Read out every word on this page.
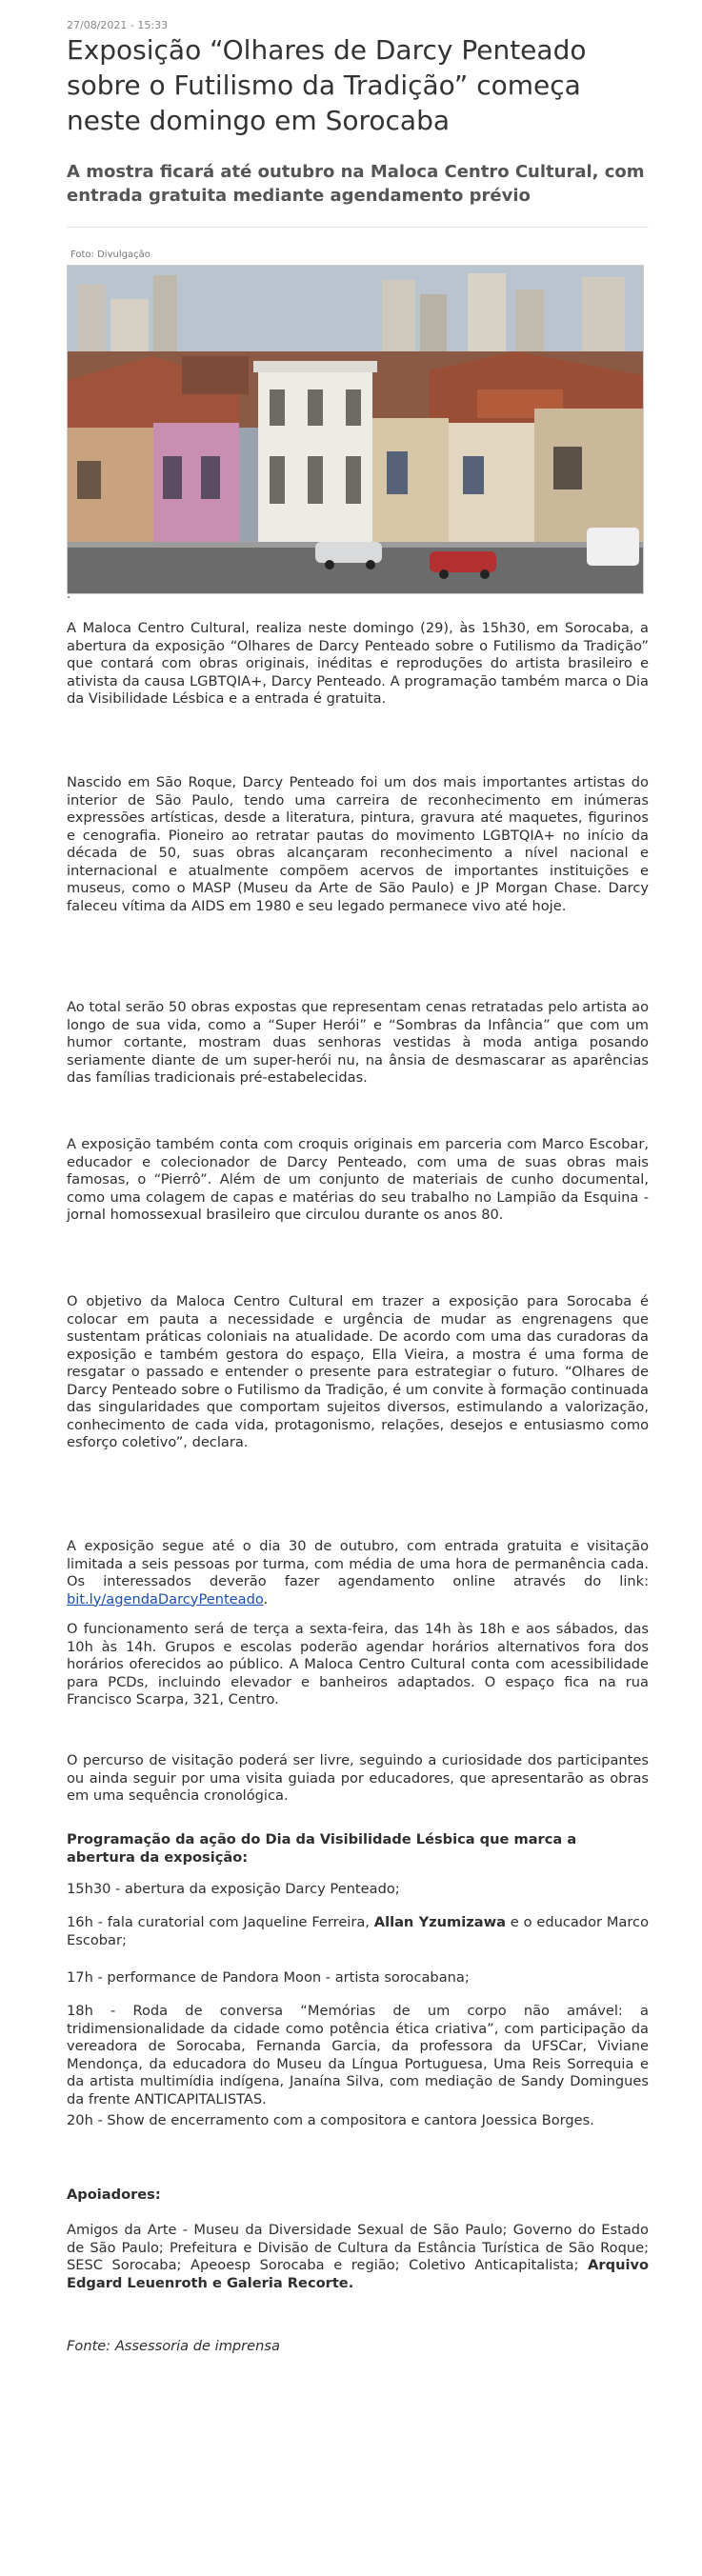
27/08/2021 - 15:33
Exposição “Olhares de Darcy Penteado sobre o Futilismo da Tradição” começa neste domingo em Sorocaba
A mostra ficará até outubro na Maloca Centro Cultural, com entrada gratuita mediante agendamento prévio
Foto: Divulgação
.

A Maloca Centro Cultural, realiza neste domingo (29), às 15h30, em Sorocaba, a abertura da exposição “Olhares de Darcy Penteado sobre o Futilismo da Tradição” que contará com obras originais, inéditas e reproduções do artista brasileiro e ativista da causa LGBTQIA+, Darcy Penteado. A programação também marca o Dia da Visibilidade Lésbica e a entrada é gratuita.

Nascido em São Roque, Darcy Penteado foi um dos mais importantes artistas do interior de São Paulo, tendo uma carreira de reconhecimento em inúmeras expressões artísticas, desde a literatura, pintura, gravura até maquetes, figurinos e cenografia. Pioneiro ao retratar pautas do movimento LGBTQIA+ no início da década de 50, suas obras alcançaram reconhecimento a nível nacional e internacional e atualmente compõem acervos de importantes instituições e museus, como o MASP (Museu da Arte de São Paulo) e JP Morgan Chase. Darcy faleceu vítima da AIDS em 1980 e seu legado permanece vivo até hoje.

Ao total serão 50 obras expostas que representam cenas retratadas pelo artista ao longo de sua vida, como a “Super Herói” e “Sombras da Infância” que com um humor cortante, mostram duas senhoras vestidas à moda antiga posando seriamente diante de um super-herói nu, na ânsia de desmascarar as aparências das famílias tradicionais pré-estabelecidas.

A exposição também conta com croquis originais em parceria com Marco Escobar, educador e colecionador de Darcy Penteado, com uma de suas obras mais famosas, o “Pierrô”. Além de um conjunto de materiais de cunho documental, como uma colagem de capas e matérias do seu trabalho no Lampião da Esquina - jornal homossexual brasileiro que circulou durante os anos 80.

O objetivo da Maloca Centro Cultural em trazer a exposição para Sorocaba é colocar em pauta a necessidade e urgência de mudar as engrenagens que sustentam práticas coloniais na atualidade. De acordo com uma das curadoras da exposição e também gestora do espaço, Ella Vieira, a mostra é uma forma de resgatar o passado e entender o presente para estrategiar o futuro. “Olhares de Darcy Penteado sobre o Futilismo da Tradição, é um convite à formação continuada das singularidades que comportam sujeitos diversos, estimulando a valorização, conhecimento de cada vida, protagonismo, relações, desejos e entusiasmo como esforço coletivo”, declara.

A exposição segue até o dia 30 de outubro, com entrada gratuita e visitação limitada a seis pessoas por turma, com média de uma hora de permanência cada. Os interessados deverão fazer agendamento online através do link: bit.ly/agendaDarcyPenteado.

O funcionamento será de terça a sexta-feira, das 14h às 18h e aos sábados, das 10h às 14h. Grupos e escolas poderão agendar horários alternativos fora dos horários oferecidos ao público. A Maloca Centro Cultural conta com acessibilidade para PCDs, incluindo elevador e banheiros adaptados. O espaço fica na rua Francisco Scarpa, 321, Centro.

O percurso de visitação poderá ser livre, seguindo a curiosidade dos participantes ou ainda seguir por uma visita guiada por educadores, que apresentarão as obras em uma sequência cronológica.

Programação da ação do Dia da Visibilidade Lésbica que marca a abertura da exposição:

15h30 - abertura da exposição Darcy Penteado;

16h - fala curatorial com Jaqueline Ferreira, Allan Yzumizawa e o educador Marco Escobar;

17h - performance de Pandora Moon - artista sorocabana;

18h - Roda de conversa “Memórias de um corpo não amável: a tridimensionalidade da cidade como potência ética criativa”, com participação da vereadora de Sorocaba, Fernanda Garcia, da professora da UFSCar, Viviane Mendonça, da educadora do Museu da Língua Portuguesa, Uma Reis Sorrequia e da artista multimídia indígena, Janaína Silva, com mediação de Sandy Domingues da frente ANTICAPITALISTAS.

20h - Show de encerramento com a compositora e cantora Joessica Borges.

Apoiadores:

Amigos da Arte - Museu da Diversidade Sexual de São Paulo; Governo do Estado de São Paulo; Prefeitura e Divisão de Cultura da Estância Turística de São Roque; SESC Sorocaba; Apeoesp Sorocaba e região; Coletivo Anticapitalista; Arquivo Edgard Leuenroth e Galeria Recorte.

Fonte: Assessoria de imprensa
